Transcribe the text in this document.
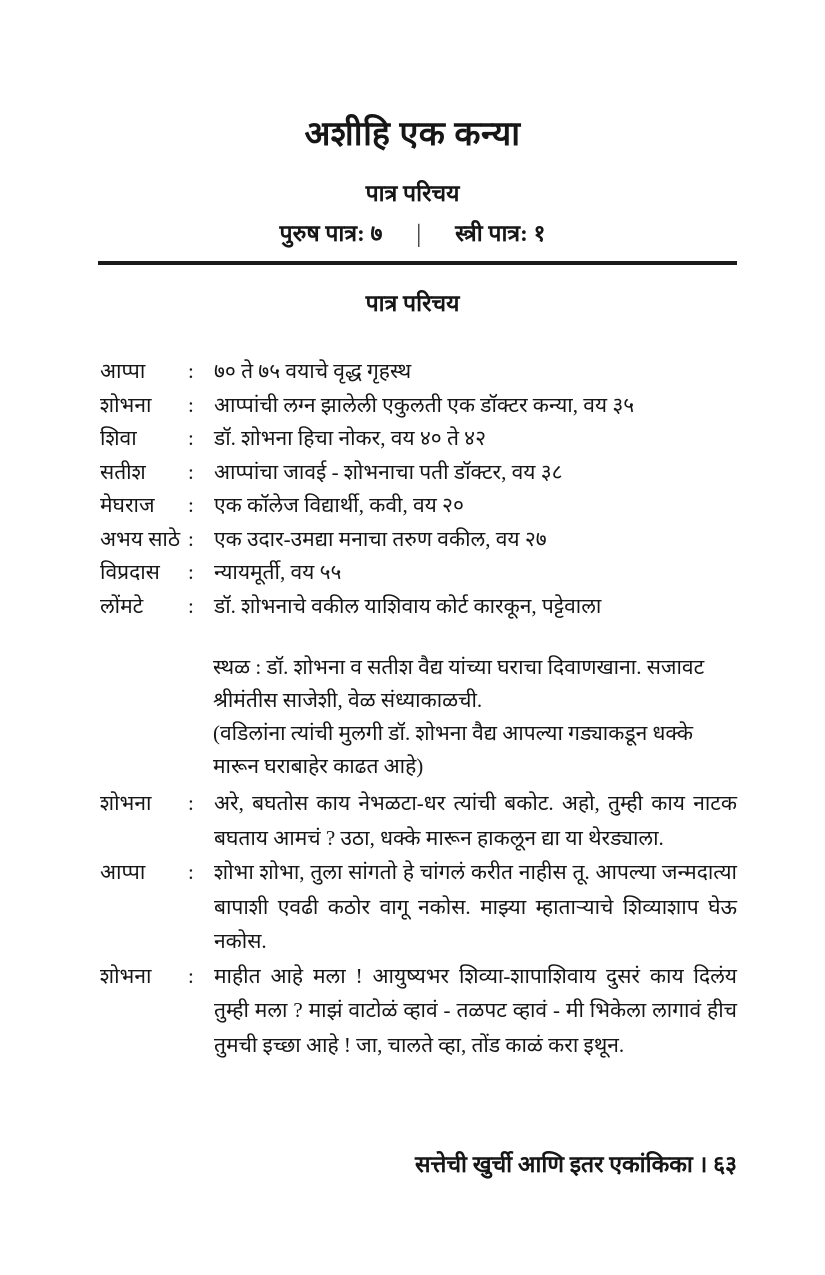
अशीहि एक कन्या
पात्र परिचय
पुरुष पात्र: ७ | स्त्री पात्र: १
पात्र परिचय
आप्पा	: ७० ते ७५ वयाचे वृद्ध गृहस्थ
शोभना	: आप्पांची लग्न झालेली एकुलती एक डॉक्टर कन्या, वय ३५
शिवा	: डॉ. शोभना हिचा नोकर, वय ४० ते ४२
सतीश	: आप्पांचा जावई - शोभनाचा पती डॉक्टर, वय ३८
मेघराज	: एक कॉलेज विद्यार्थी, कवी, वय २०
अभय साठे : एक उदार-उमद्या मनाचा तरुण वकील, वय २७
विप्रदास	: न्यायमूर्ती, वय ५५
लोंमटे	: डॉ. शोभनाचे वकील याशिवाय कोर्ट कारकून, पट्टेवाला

स्थळ : डॉ. शोभना व सतीश वैद्य यांच्या घराचा दिवाणखाना. सजावट श्रीमंतीस साजेशी, वेळ संध्याकाळची.

(वडिलांना त्यांची मुलगी डॉ. शोभना वैद्य आपल्या गड्याकडून धक्के मारून घराबाहेर काढत आहे)

शोभना	: अरे, बघतोस काय नेभळटा-धर त्यांची बकोट. अहो, तुम्ही काय नाटक बघताय आमचं ? उठा, धक्के मारून हाकलून द्या या थेरड्याला.
आप्पा	: शोभा शोभा, तुला सांगतो हे चांगलं करीत नाहीस तू. आपल्या जन्मदात्या बापाशी एवढी कठोर वागू नकोस. माझ्या म्हाताऱ्याचे शिव्याशाप घेऊ नकोस.
शोभना	: माहीत आहे मला ! आयुष्यभर शिव्या-शापाशिवाय दुसरं काय दिलंय तुम्ही मला ? माझं वाटोळं व्हावं - तळपट व्हावं - मी भिकेला लागावं हीच तुमची इच्छा आहे ! जा, चालते व्हा, तोंड काळं करा इथून.
सत्तेची खुर्ची आणि इतर एकांकिका । ६३
